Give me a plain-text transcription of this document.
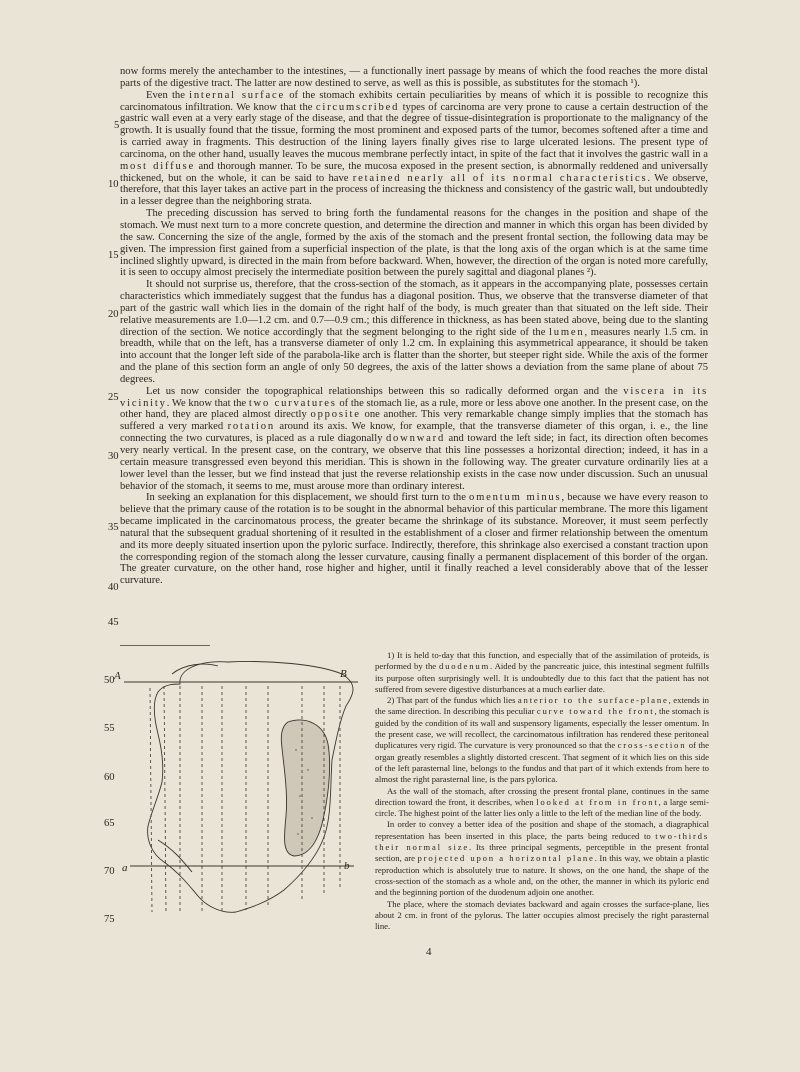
now forms merely the antechamber to the intestines, — a functionally inert passage by means of which the food reaches the more distal parts of the digestive tract. The latter are now destined to serve, as well as this is possible, as substitutes for the stomach ¹).

Even the internal surface of the stomach exhibits certain peculiarities by means of which it is possible to recognize this carcinomatous infiltration. We know that the circumscribed types of carcinoma are very prone to cause a certain destruction of the gastric wall even at a very early stage of the disease, and that the degree of tissue-disintegration is proportionate to the malignancy of the growth. It is usually found that the tissue, forming the most prominent and exposed parts of the tumor, becomes softened after a time and is carried away in fragments. This destruction of the lining layers finally gives rise to large ulcerated lesions. The present type of carcinoma, on the other hand, usually leaves the mucous membrane perfectly intact, in spite of the fact that it involves the gastric wall in a most diffuse and thorough manner. To be sure, the mucosa exposed in the present section, is abnormally reddened and universally thickened, but on the whole, it can be said to have retained nearly all of its normal characteristics. We observe, therefore, that this layer takes an active part in the process of increasing the thickness and consistency of the gastric wall, but undoubtedly in a lesser degree than the neighboring strata.

The preceding discussion has served to bring forth the fundamental reasons for the changes in the position and shape of the stomach. We must next turn to a more concrete question, and determine the direction and manner in which this organ has been divided by the saw. Concerning the size of the angle, formed by the axis of the stomach and the present frontal section, the following data may be given. The impression first gained from a superficial inspection of the plate, is that the long axis of the organ which is at the same time inclined slightly upward, is directed in the main from before backward. When, however, the direction of the organ is noted more carefully, it is seen to occupy almost precisely the intermediate position between the purely sagittal and diagonal planes ²).

It should not surprise us, therefore, that the cross-section of the stomach, as it appears in the accompanying plate, possesses certain characteristics which immediately suggest that the fundus has a diagonal position. Thus, we observe that the transverse diameter of that part of the gastric wall which lies in the domain of the right half of the body, is much greater than that situated on the left side. Their relative measurements are 1.0—1.2 cm. and 0.7—0.9 cm.; this difference in thickness, as has been stated above, being due to the slanting direction of the section. We notice accordingly that the segment belonging to the right side of the lumen, measures nearly 1.5 cm. in breadth, while that on the left, has a transverse diameter of only 1.2 cm. In explaining this asymmetrical appearance, it should be taken into account that the longer left side of the parabola-like arch is flatter than the shorter, but steeper right side. While the axis of the former and the plane of this section form an angle of only 50 degrees, the axis of the latter shows a deviation from the same plane of about 75 degrees.

Let us now consider the topographical relationships between this so radically deformed organ and the viscera in its vicinity. We know that the two curvatures of the stomach lie, as a rule, more or less above one another. In the present case, on the other hand, they are placed almost directly opposite one another. This very remarkable change simply implies that the stomach has suffered a very marked rotation around its axis. We know, for example, that the transverse diameter of this organ, i. e., the line connecting the two curvatures, is placed as a rule diagonally downward and toward the left side; in fact, its direction often becomes very nearly vertical. In the present case, on the contrary, we observe that this line possesses a horizontal direction; indeed, it has in a certain measure transgressed even beyond this meridian. This is shown in the following way. The greater curvature ordinarily lies at a lower level than the lesser, but we find instead that just the reverse relationship exists in the case now under discussion. Such an unusual behavior of the stomach, it seems to me, must arouse more than ordinary interest.

In seeking an explanation for this displacement, we should first turn to the omentum minus, because we have every reason to believe that the primary cause of the rotation is to be sought in the abnormal behavior of this particular membrane. The more this ligament became implicated in the carcinomatous process, the greater became the shrinkage of its substance. Moreover, it must seem perfectly natural that the subsequent gradual shortening of it resulted in the establishment of a closer and firmer relationship between the omentum and its more deeply situated insertion upon the pyloric surface. Indirectly, therefore, this shrinkage also exercised a constant traction upon the corresponding region of the stomach along the lesser curvature, causing finally a permanent displacement of this border of the organ. The greater curvature, on the other hand, rose higher and higher, until it finally reached a level considerably above that of the lesser curvature.

5
10
15
20
25
30
35
40
45
A	B
a	b
50
55
60
65
70
75

1) It is held to-day that this function, and especially that of the assimilation of proteids, is performed by the duodenum. Aided by the pancreatic juice, this intestinal segment fulfills its purpose often surprisingly well. It is undoubtedly due to this fact that the patient has not suffered from severe digestive disturbances at a much earlier date.

2) That part of the fundus which lies anterior to the surface-plane, extends in the same direction. In describing this peculiar curve toward the front, the stomach is guided by the condition of its wall and suspensory ligaments, especially the lesser omentum. In the present case, we will recollect, the carcinomatous infiltration has rendered these peritoneal duplicatures very rigid. The curvature is very pronounced so that the cross-section of the organ greatly resembles a slightly distorted crescent. That segment of it which lies on this side of the left parasternal line, belongs to the fundus and that part of it which extends from here to almost the right parasternal line, is the pars pylorica.

As the wall of the stomach, after crossing the present frontal plane, continues in the same direction toward the front, it describes, when looked at from in front, a large semi-circle. The highest point of the latter lies only a little to the left of the median line of the body.

In order to convey a better idea of the position and shape of the stomach, a diagraphical representation has been inserted in this place, the parts being reduced to two-thirds their normal size. Its three principal segments, perceptible in the present frontal section, are projected upon a horizontal plane. In this way, we obtain a plastic reproduction which is absolutely true to nature. It shows, on the one hand, the shape of the cross-section of the stomach as a whole and, on the other, the manner in which its pyloric end and the beginning portion of the duodenum adjoin one another.

The place, where the stomach deviates backward and again crosses the surface-plane, lies about 2 cm. in front of the pylorus. The latter occupies almost precisely the right parasternal line.

4
